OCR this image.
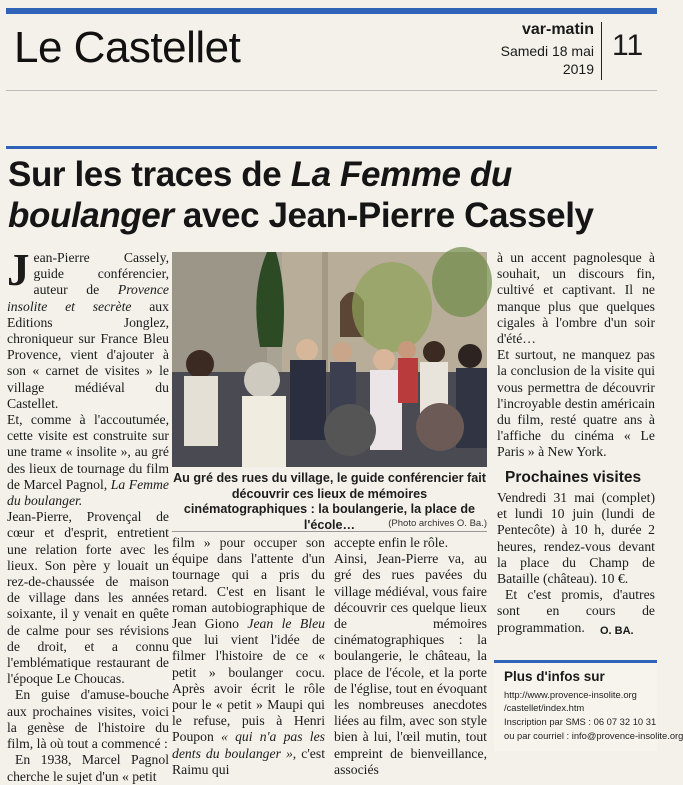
Le Castellet	var-matin
Samedi 18 mai 2019
11
Sur les traces de La Femme du boulanger avec Jean-Pierre Cassely

Jean-Pierre Cassely, guide conférencier, auteur de Provence insolite et secrète aux Editions Jonglez, chroniqueur sur France Bleu Provence, vient d'ajouter à son « carnet de visites » le village médiéval du Castellet.

Et, comme à l'accoutumée, cette visite est construite sur une trame « insolite », au gré des lieux de tournage du film de Marcel Pagnol, La Femme du boulanger.

Jean-Pierre, Provençal de cœur et d'esprit, entretient une relation forte avec les lieux. Son père y louait un rez-de-chaussée de maison de village dans les années soixante, il y venait en quête de calme pour ses révisions de droit, et a connu l'emblématique restaurant de l'époque Le Choucas.

En guise d'amuse-bouche aux prochaines visites, voici la genèse de l'histoire du film, là où tout a commencé :

En 1938, Marcel Pagnol cherche le sujet d'un « petit

Au gré des rues du village, le guide conférencier fait découvrir ces lieux de mémoires cinématographiques : la boulangerie, la place de l'école…	(Photo archives O. Ba.)

film » pour occuper son équipe dans l'attente d'un tournage qui a pris du retard. C'est en lisant le roman autobiographique de Jean Giono Jean le Bleu que lui vient l'idée de filmer l'histoire de ce « petit » boulanger cocu. Après avoir écrit le rôle pour le « petit » Maupi qui le refuse, puis à Henri Poupon « qui n'a pas les dents du boulanger », c'est Raimu qui

accepte enfin le rôle.

Ainsi, Jean-Pierre va, au gré des rues pavées du village médiéval, vous faire découvrir ces quelque lieux de mémoires cinématographiques : la boulangerie, le château, la place de l'école, et la porte de l'église, tout en évoquant les nombreuses anecdotes liées au film, avec son style bien à lui, l'œil mutin, tout empreint de bienveillance, associés

à un accent pagnolesque à souhait, un discours fin, cultivé et captivant. Il ne manque plus que quelques cigales à l'ombre d'un soir d'été…

Et surtout, ne manquez pas la conclusion de la visite qui vous permettra de découvrir l'incroyable destin américain du film, resté quatre ans à l'affiche du cinéma « Le Paris » à New York.

Prochaines visites

Vendredi 31 mai (complet) et lundi 10 juin (lundi de Pentecôte) à 10 h, durée 2 heures, rendez-vous devant la place du Champ de Bataille (château). 10 €.

Et c'est promis, d'autres sont en cours de programmation.	O. BA.
Plus d'infos sur
http://www.provence-insolite.org
/castellet/index.htm
Inscription par SMS : 06 07 32 10 31
ou par courriel : info@provence-insolite.org
